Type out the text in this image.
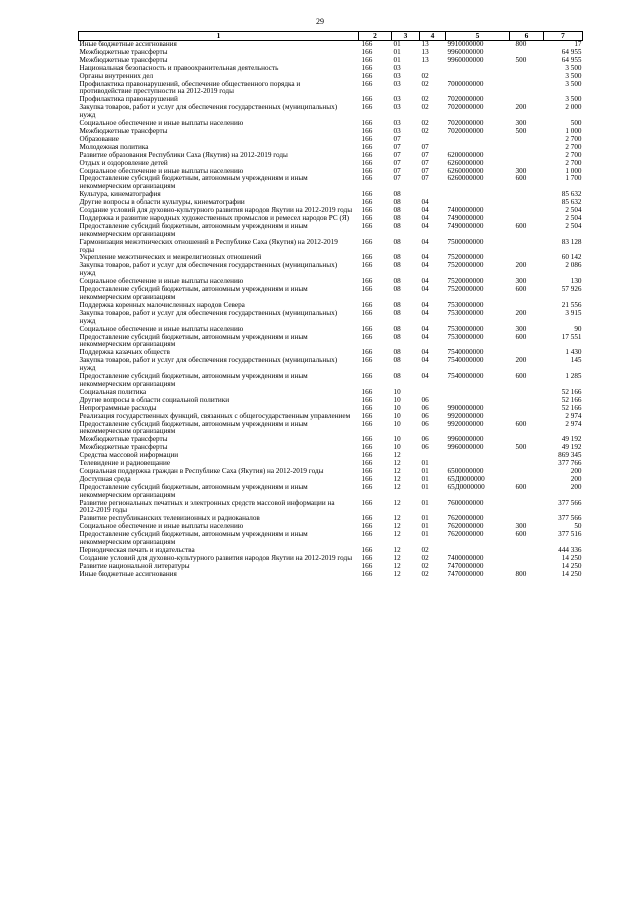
29
1	2	3	4	5	6	7
Иные бюджетные ассигнования	166	01	13	9910000000	800	17
Межбюджетные трансферты	166	01	13	9960000000		64 955
Межбюджетные трансферты	166	01	13	9960000000	500	64 955
Национальная безопасность и правоохранительная деятельность	166	03				3 500
Органы внутренних дел	166	03	02			3 500
Профилактика правонарушений, обеспечение общественного порядка и противодействие преступности на 2012-2019 годы	166	03	02	7000000000		3 500
Профилактика правонарушений	166	03	02	7020000000		3 500
Закупка товаров, работ и услуг для обеспечения государственных (муниципальных) нужд	166	03	02	7020000000	200	2 000
Социальное обеспечение и иные выплаты населению	166	03	02	7020000000	300	500
Межбюджетные трансферты	166	03	02	7020000000	500	1 000
Образование	166	07				2 700
Молодежная политика	166	07	07			2 700
Развитие образования Республики Саха (Якутия) на 2012-2019 годы	166	07	07	6200000000		2 700
Отдых и оздоровление детей	166	07	07	6260000000		2 700
Социальное обеспечение и иные выплаты населению	166	07	07	6260000000	300	1 000
Предоставление субсидий бюджетным, автономным учреждениям и иным некоммерческим организациям	166	07	07	6260000000	600	1 700
Культура, кинематография	166	08				85 632
Другие вопросы в области культуры, кинематографии	166	08	04			85 632
Создание условий для духовно-культурного развития народов Якутии на 2012-2019 годы	166	08	04	7400000000		2 504
Поддержка и развитие народных художественных промыслов и ремесел народов РС (Я)	166	08	04	7490000000		2 504
Предоставление субсидий бюджетным, автономным учреждениям и иным некоммерческим организациям	166	08	04	7490000000	600	2 504
Гармонизация межэтнических отношений в Республике Саха (Якутия) на 2012-2019 годы	166	08	04	7500000000		83 128
Укрепление межэтнических и межрелигиозных отношений	166	08	04	7520000000		60 142
Закупка товаров, работ и услуг для обеспечения государственных (муниципальных) нужд	166	08	04	7520000000	200	2 086
Социальное обеспечение и иные выплаты населению	166	08	04	7520000000	300	130
Предоставление субсидий бюджетным, автономным учреждениям и иным некоммерческим организациям	166	08	04	7520000000	600	57 926
Поддержка коренных малочисленных народов Севера	166	08	04	7530000000		21 556
Закупка товаров, работ и услуг для обеспечения государственных (муниципальных) нужд	166	08	04	7530000000	200	3 915
Социальное обеспечение и иные выплаты населению	166	08	04	7530000000	300	90
Предоставление субсидий бюджетным, автономным учреждениям и иным некоммерческим организациям	166	08	04	7530000000	600	17 551
Поддержка казачьих обществ	166	08	04	7540000000		1 430
Закупка товаров, работ и услуг для обеспечения государственных (муниципальных) нужд	166	08	04	7540000000	200	145
Предоставление субсидий бюджетным, автономным учреждениям и иным некоммерческим организациям	166	08	04	7540000000	600	1 285
Социальная политика	166	10				52 166
Другие вопросы в области социальной политики	166	10	06			52 166
Непрограммные расходы	166	10	06	9900000000		52 166
Реализация государственных функций, связанных с общегосударственным управлением	166	10	06	9920000000		2 974
Предоставление субсидий бюджетным, автономным учреждениям и иным некоммерческим организациям	166	10	06	9920000000	600	2 974
Межбюджетные трансферты	166	10	06	9960000000		49 192
Межбюджетные трансферты	166	10	06	9960000000	500	49 192
Средства массовой информации	166	12				869 345
Телевидение и радиовещание	166	12	01			377 766
Социальная поддержка граждан в Республике Саха (Якутия) на 2012-2019 годы	166	12	01	6500000000		200
Доступная среда	166	12	01	65Д0000000		200
Предоставление субсидий бюджетным, автономным учреждениям и иным некоммерческим организациям	166	12	01	65Д0000000	600	200
Развитие региональных печатных и электронных средств массовой информации на 2012-2019 годы	166	12	01	7600000000		377 566
Развитие республиканских телевизионных и радиоканалов	166	12	01	7620000000		377 566
Социальное обеспечение и иные выплаты населению	166	12	01	7620000000	300	50
Предоставление субсидий бюджетным, автономным учреждениям и иным некоммерческим организациям	166	12	01	7620000000	600	377 516
Периодическая печать и издательства	166	12	02			444 336
Создание условий для духовно-культурного развития народов Якутии на 2012-2019 годы	166	12	02	7400000000		14 250
Развитие национальной литературы	166	12	02	7470000000		14 250
Иные бюджетные ассигнования	166	12	02	7470000000	800	14 250
